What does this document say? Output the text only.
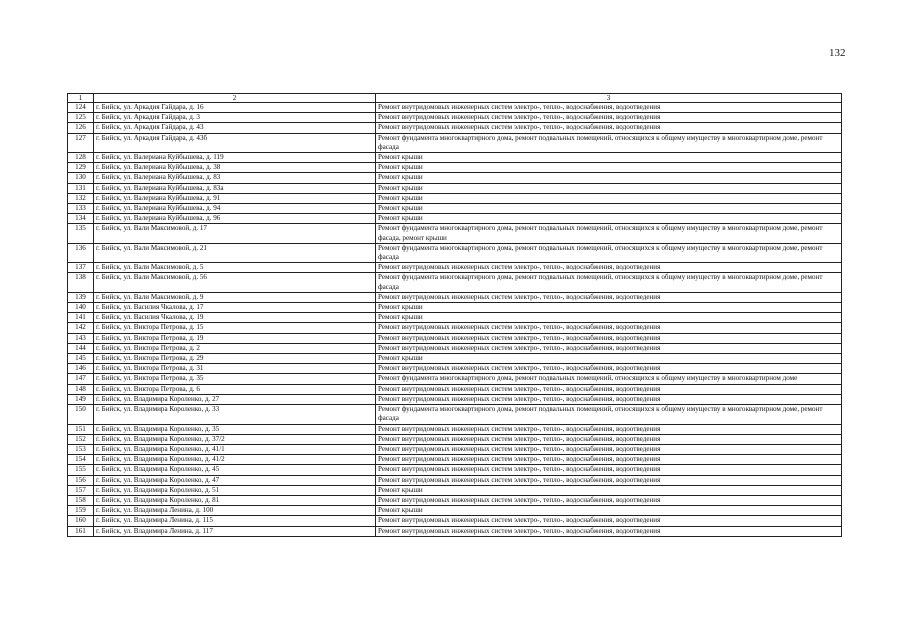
132
1	2	3
124	г. Бийск, ул. Аркадия Гайдара, д. 16	Ремонт внутридомовых инженерных систем электро-, тепло-, водоснабжения, водоотведения
125	г. Бийск, ул. Аркадия Гайдара, д. 3	Ремонт внутридомовых инженерных систем электро-, тепло-, водоснабжения, водоотведения
126	г. Бийск, ул. Аркадия Гайдара, д. 43	Ремонт внутридомовых инженерных систем электро-, тепло-, водоснабжения, водоотведения
127	г. Бийск, ул. Аркадия Гайдара, д. 43б	Ремонт фундамента многоквартирного дома, ремонт подвальных помещений, относящихся к общему имуществу в многоквартирном доме, ремонт фасада
128	г. Бийск, ул. Валериана Куйбышева, д. 119	Ремонт крыши
129	г. Бийск, ул. Валериана Куйбышева, д. 38	Ремонт крыши
130	г. Бийск, ул. Валериана Куйбышева, д. 83	Ремонт крыши
131	г. Бийск, ул. Валериана Куйбышева, д. 83а	Ремонт крыши
132	г. Бийск, ул. Валериана Куйбышева, д. 91	Ремонт крыши
133	г. Бийск, ул. Валериана Куйбышева, д. 94	Ремонт крыши
134	г. Бийск, ул. Валериана Куйбышева, д. 96	Ремонт крыши
135	г. Бийск, ул. Вали Максимовой, д. 17	Ремонт фундамента многоквартирного дома, ремонт подвальных помещений, относящихся к общему имуществу в многоквартирном доме, ремонт фасада, ремонт крыши
136	г. Бийск, ул. Вали Максимовой, д. 21	Ремонт фундамента многоквартирного дома, ремонт подвальных помещений, относящихся к общему имуществу в многоквартирном доме, ремонт фасада
137	г. Бийск, ул. Вали Максимовой, д. 5	Ремонт внутридомовых инженерных систем электро-, тепло-, водоснабжения, водоотведения
138	г. Бийск, ул. Вали Максимовой, д. 56	Ремонт фундамента многоквартирного дома, ремонт подвальных помещений, относящихся к общему имуществу в многоквартирном доме, ремонт фасада
139	г. Бийск, ул. Вали Максимовой, д. 9	Ремонт внутридомовых инженерных систем электро-, тепло-, водоснабжения, водоотведения
140	г. Бийск, ул. Василия Чкалова, д. 17	Ремонт крыши
141	г. Бийск, ул. Василия Чкалова, д. 19	Ремонт крыши
142	г. Бийск, ул. Виктора Петрова, д. 15	Ремонт внутридомовых инженерных систем электро-, тепло-, водоснабжения, водоотведения
143	г. Бийск, ул. Виктора Петрова, д. 19	Ремонт внутридомовых инженерных систем электро-, тепло-, водоснабжения, водоотведения
144	г. Бийск, ул. Виктора Петрова, д. 2	Ремонт внутридомовых инженерных систем электро-, тепло-, водоснабжения, водоотведения
145	г. Бийск, ул. Виктора Петрова, д. 29	Ремонт крыши
146	г. Бийск, ул. Виктора Петрова, д. 31	Ремонт внутридомовых инженерных систем электро-, тепло-, водоснабжения, водоотведения
147	г. Бийск, ул. Виктора Петрова, д. 35	Ремонт фундамента многоквартирного дома, ремонт подвальных помещений, относящихся к общему имуществу в многоквартирном доме
148	г. Бийск, ул. Виктора Петрова, д. 6	Ремонт внутридомовых инженерных систем электро-, тепло-, водоснабжения, водоотведения
149	г. Бийск, ул. Владимира Короленко, д. 27	Ремонт внутридомовых инженерных систем электро-, тепло-, водоснабжения, водоотведения
150	г. Бийск, ул. Владимира Короленко, д. 33	Ремонт фундамента многоквартирного дома, ремонт подвальных помещений, относящихся к общему имуществу в многоквартирном доме, ремонт фасада
151	г. Бийск, ул. Владимира Короленко, д. 35	Ремонт внутридомовых инженерных систем электро-, тепло-, водоснабжения, водоотведения
152	г. Бийск, ул. Владимира Короленко, д. 37/2	Ремонт внутридомовых инженерных систем электро-, тепло-, водоснабжения, водоотведения
153	г. Бийск, ул. Владимира Короленко, д. 41/1	Ремонт внутридомовых инженерных систем электро-, тепло-, водоснабжения, водоотведения
154	г. Бийск, ул. Владимира Короленко, д. 41/2	Ремонт внутридомовых инженерных систем электро-, тепло-, водоснабжения, водоотведения
155	г. Бийск, ул. Владимира Короленко, д. 45	Ремонт внутридомовых инженерных систем электро-, тепло-, водоснабжения, водоотведения
156	г. Бийск, ул. Владимира Короленко, д. 47	Ремонт внутридомовых инженерных систем электро-, тепло-, водоснабжения, водоотведения
157	г. Бийск, ул. Владимира Короленко, д. 51	Ремонт крыши
158	г. Бийск, ул. Владимира Короленко, д. 81	Ремонт внутридомовых инженерных систем электро-, тепло-, водоснабжения, водоотведения
159	г. Бийск, ул. Владимира Ленина, д. 100	Ремонт крыши
160	г. Бийск, ул. Владимира Ленина, д. 115	Ремонт внутридомовых инженерных систем электро-, тепло-, водоснабжения, водоотведения
161	г. Бийск, ул. Владимира Ленина, д. 117	Ремонт внутридомовых инженерных систем электро-, тепло-, водоснабжения, водоотведения
